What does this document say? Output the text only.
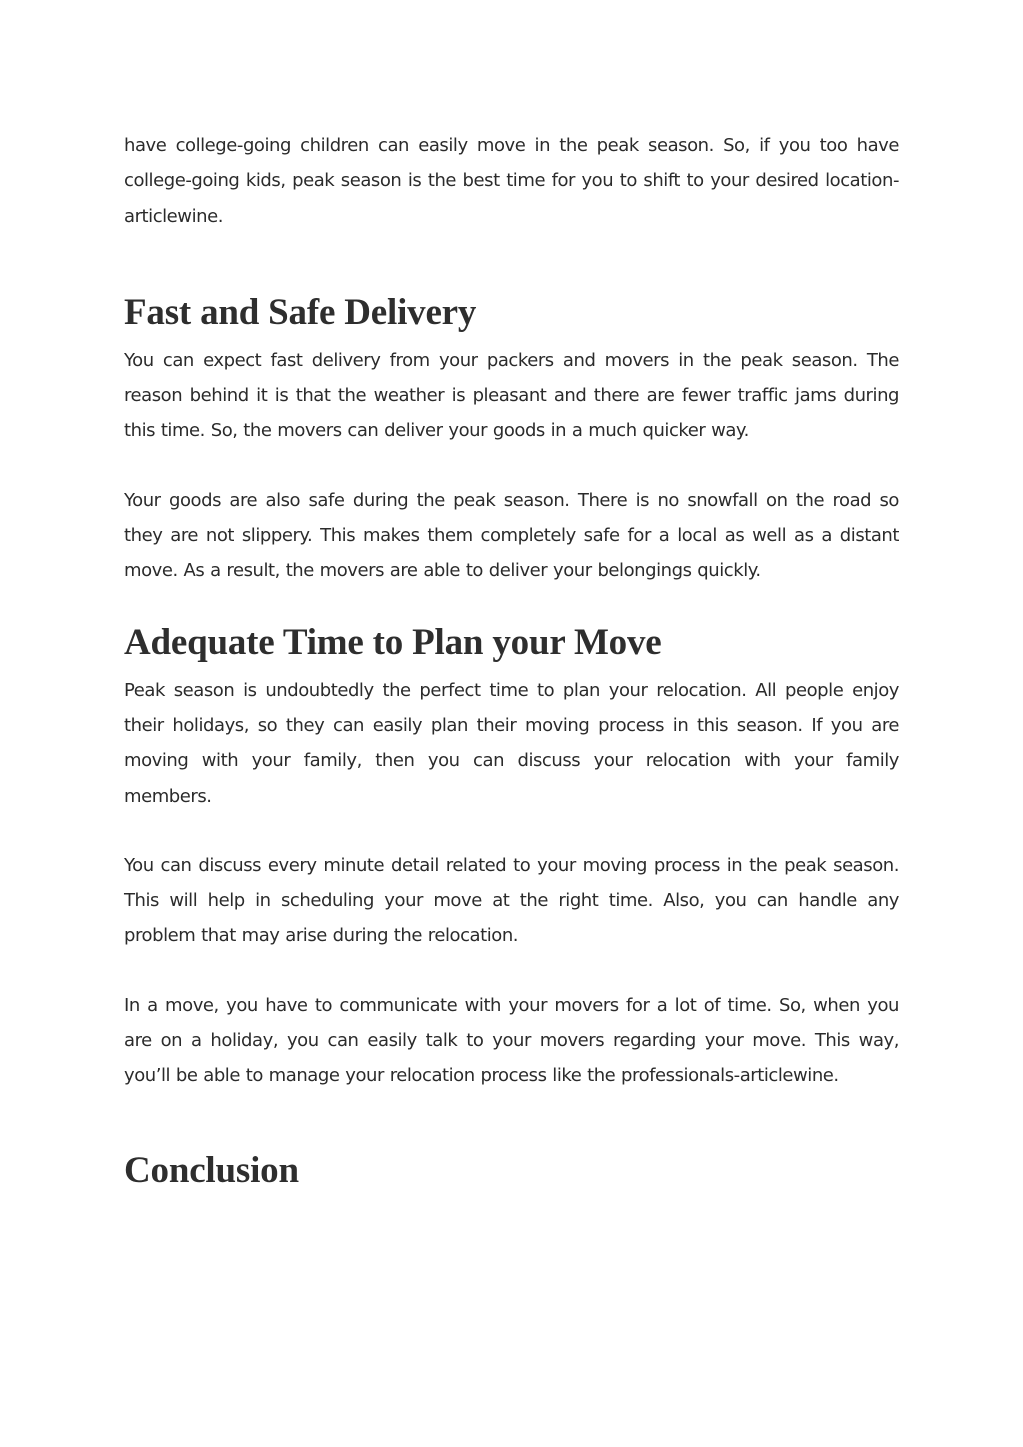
have college-going children can easily move in the peak season. So, if you too have college-going kids, peak season is the best time for you to shift to your desired location-articlewine.

Fast and Safe Delivery

You can expect fast delivery from your packers and movers in the peak season. The reason behind it is that the weather is pleasant and there are fewer traffic jams during this time. So, the movers can deliver your goods in a much quicker way.

Your goods are also safe during the peak season. There is no snowfall on the road so they are not slippery. This makes them completely safe for a local as well as a distant move. As a result, the movers are able to deliver your belongings quickly.

Adequate Time to Plan your Move

Peak season is undoubtedly the perfect time to plan your relocation. All people enjoy their holidays, so they can easily plan their moving process in this season. If you are moving with your family, then you can discuss your relocation with your family members.

You can discuss every minute detail related to your moving process in the peak season. This will help in scheduling your move at the right time. Also, you can handle any problem that may arise during the relocation.

In a move, you have to communicate with your movers for a lot of time. So, when you are on a holiday, you can easily talk to your movers regarding your move. This way, you’ll be able to manage your relocation process like the professionals-articlewine.

Conclusion
